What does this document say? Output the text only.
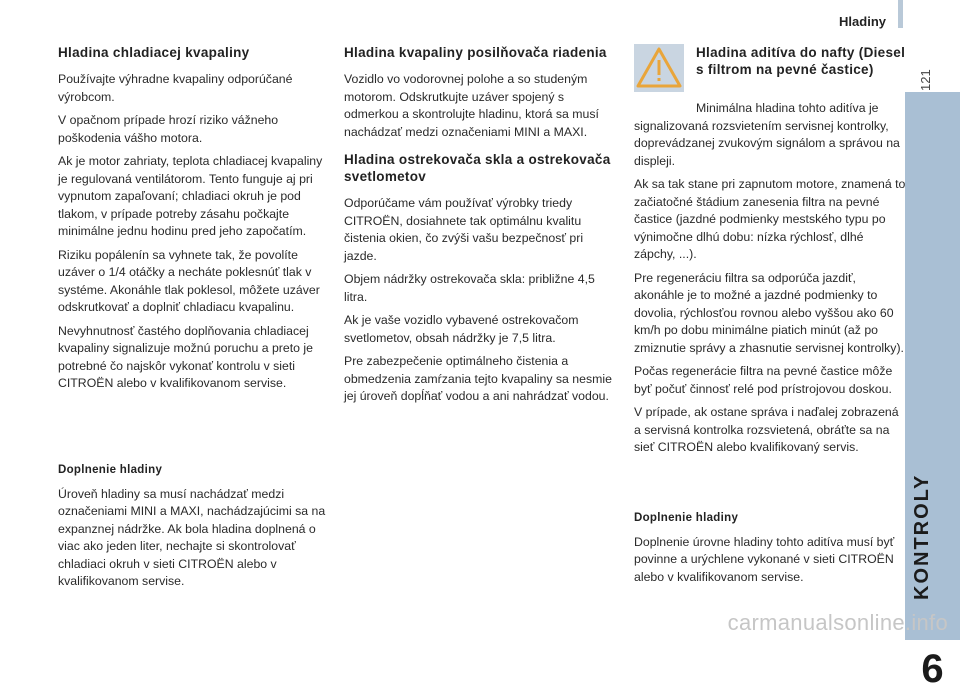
Hladiny
121
KONTROLY
6
Hladina chladiacej kvapaliny

Používajte výhradne kvapaliny odporúčané výrobcom.

V opačnom prípade hrozí riziko vážneho poškodenia vášho motora.

Ak je motor zahriaty, teplota chladiacej kvapaliny je regulovaná ventilátorom. Tento funguje aj pri vypnutom zapaľovaní; chladiaci okruh je pod tlakom, v prípade potreby zásahu počkajte minimálne jednu hodinu pred jeho započatím.

Riziku popálenín sa vyhnete tak, že povolíte uzáver o 1/4 otáčky a necháte poklesnúť tlak v systéme. Akonáhle tlak poklesol, môžete uzáver odskrutkovať a doplniť chladiacu kvapalinu.

Nevyhnutnosť častého doplňovania chladiacej kvapaliny signalizuje možnú poruchu a preto je potrebné čo najskôr vykonať kontrolu v sieti CITROËN alebo v kvalifikovanom servise.

Doplnenie hladiny

Úroveň hladiny sa musí nachádzať medzi označeniami MINI a MAXI, nachádzajúcimi sa na expanznej nádržke. Ak bola hladina doplnená o viac ako jeden liter, nechajte si skontrolovať chladiaci okruh v sieti CITROËN alebo v kvalifikovanom servise.

Hladina kvapaliny posilňovača riadenia

Vozidlo vo vodorovnej polohe a so studeným motorom. Odskrutkujte uzáver spojený s odmerkou a skontrolujte hladinu, ktorá sa musí nachádzať medzi označeniami MINI a MAXI.

Hladina ostrekovača skla a ostrekovača svetlometov

Odporúčame vám používať výrobky triedy CITROËN, dosiahnete tak optimálnu kvalitu čistenia okien, čo zvýši vašu bezpečnosť pri jazde.

Objem nádržky ostrekovača skla: približne 4,5 litra.

Ak je vaše vozidlo vybavené ostrekovačom svetlometov, obsah nádržky je 7,5 litra.

Pre zabezpečenie optimálneho čistenia a obmedzenia zamŕzania tejto kvapaliny sa nesmie jej úroveň dopĺňať vodou a ani nahrádzať vodou.

Hladina aditíva do nafty (Diesel s filtrom na pevné častice)

Minimálna hladina tohto aditíva je signalizovaná rozsvietením servisnej kontrolky, doprevádzanej zvukovým signálom a správou na displeji.

Ak sa tak stane pri zapnutom motore, znamená to začiatočné štádium zanesenia filtra na pevné častice (jazdné podmienky mestského typu po výnimočne dlhú dobu: nízka rýchlosť, dlhé zápchy, ...).

Pre regeneráciu filtra sa odporúča jazdiť, akonáhle je to možné a jazdné podmienky to dovolia, rýchlosťou rovnou alebo vyššou ako 60 km/h po dobu minimálne piatich minút (až po zmiznutie správy a zhasnutie servisnej kontrolky).

Počas regenerácie filtra na pevné častice môže byť počuť činnosť relé pod prístrojovou doskou.

V prípade, ak ostane správa i naďalej zobrazená a servisná kontrolka rozsvietená, obráťte sa na sieť CITROËN alebo kvalifikovaný servis.

Doplnenie hladiny

Doplnenie úrovne hladiny tohto aditíva musí byť povinne a urýchlene vykonané v sieti CITROËN alebo v kvalifikovanom servise.

carmanualsonline.info
